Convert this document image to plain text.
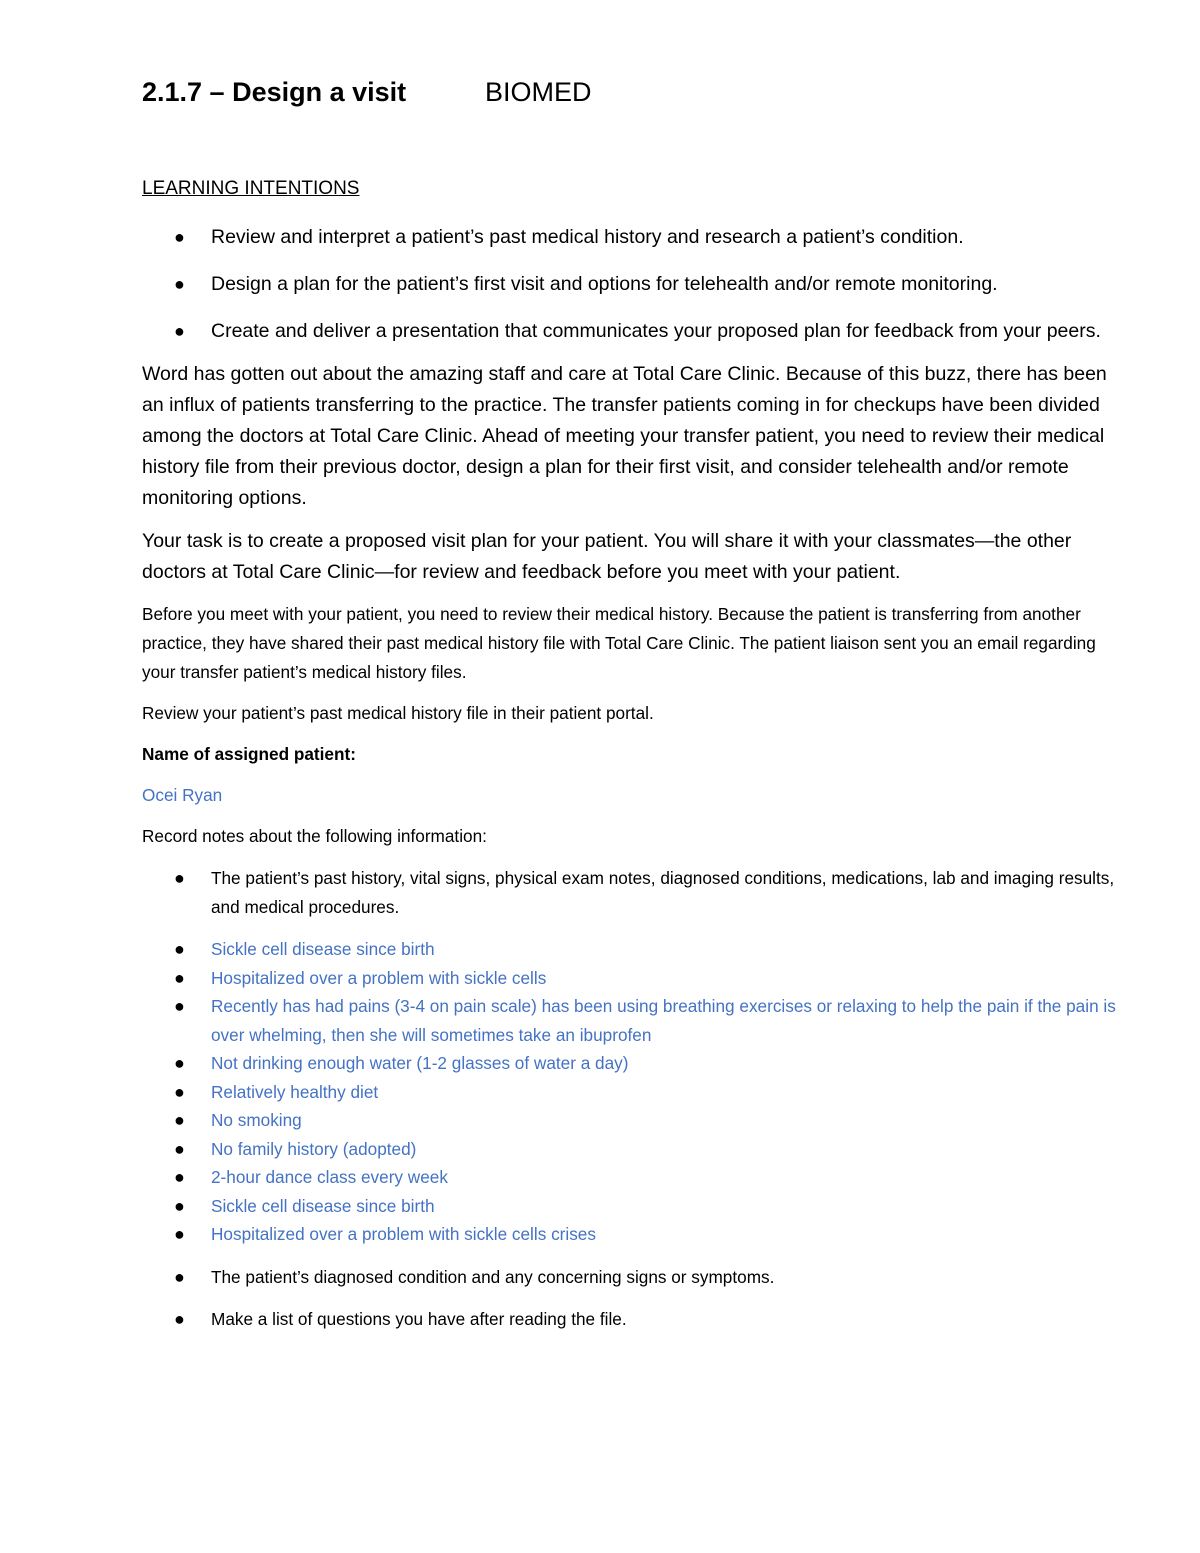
2.1.7 – Design a visit	BIOMED
LEARNING INTENTIONS
● Review and interpret a patient’s past medical history and research a patient’s condition.
● Design a plan for the patient’s first visit and options for telehealth and/or remote monitoring.
● Create and deliver a presentation that communicates your proposed plan for feedback from your peers.

Word has gotten out about the amazing staff and care at Total Care Clinic. Because of this buzz, there has been an influx of patients transferring to the practice. The transfer patients coming in for checkups have been divided among the doctors at Total Care Clinic. Ahead of meeting your transfer patient, you need to review their medical history file from their previous doctor, design a plan for their first visit, and consider telehealth and/or remote monitoring options.

Your task is to create a proposed visit plan for your patient. You will share it with your classmates—the other doctors at Total Care Clinic—for review and feedback before you meet with your patient.

Before you meet with your patient, you need to review their medical history. Because the patient is transferring from another practice, they have shared their past medical history file with Total Care Clinic. The patient liaison sent you an email regarding your transfer patient’s medical history files.

Review your patient’s past medical history file in their patient portal.

Name of assigned patient:

Ocei Ryan

Record notes about the following information:

● The patient’s past history, vital signs, physical exam notes, diagnosed conditions, medications, lab and imaging results, and medical procedures.
● Sickle cell disease since birth
● Hospitalized over a problem with sickle cells
● Recently has had pains (3-4 on pain scale) has been using breathing exercises or relaxing to help the pain if the pain is over whelming, then she will sometimes take an ibuprofen
● Not drinking enough water (1-2 glasses of water a day)
● Relatively healthy diet
● No smoking
● No family history (adopted)
● 2-hour dance class every week
● Sickle cell disease since birth
● Hospitalized over a problem with sickle cells crises
● The patient’s diagnosed condition and any concerning signs or symptoms.
● Make a list of questions you have after reading the file.
